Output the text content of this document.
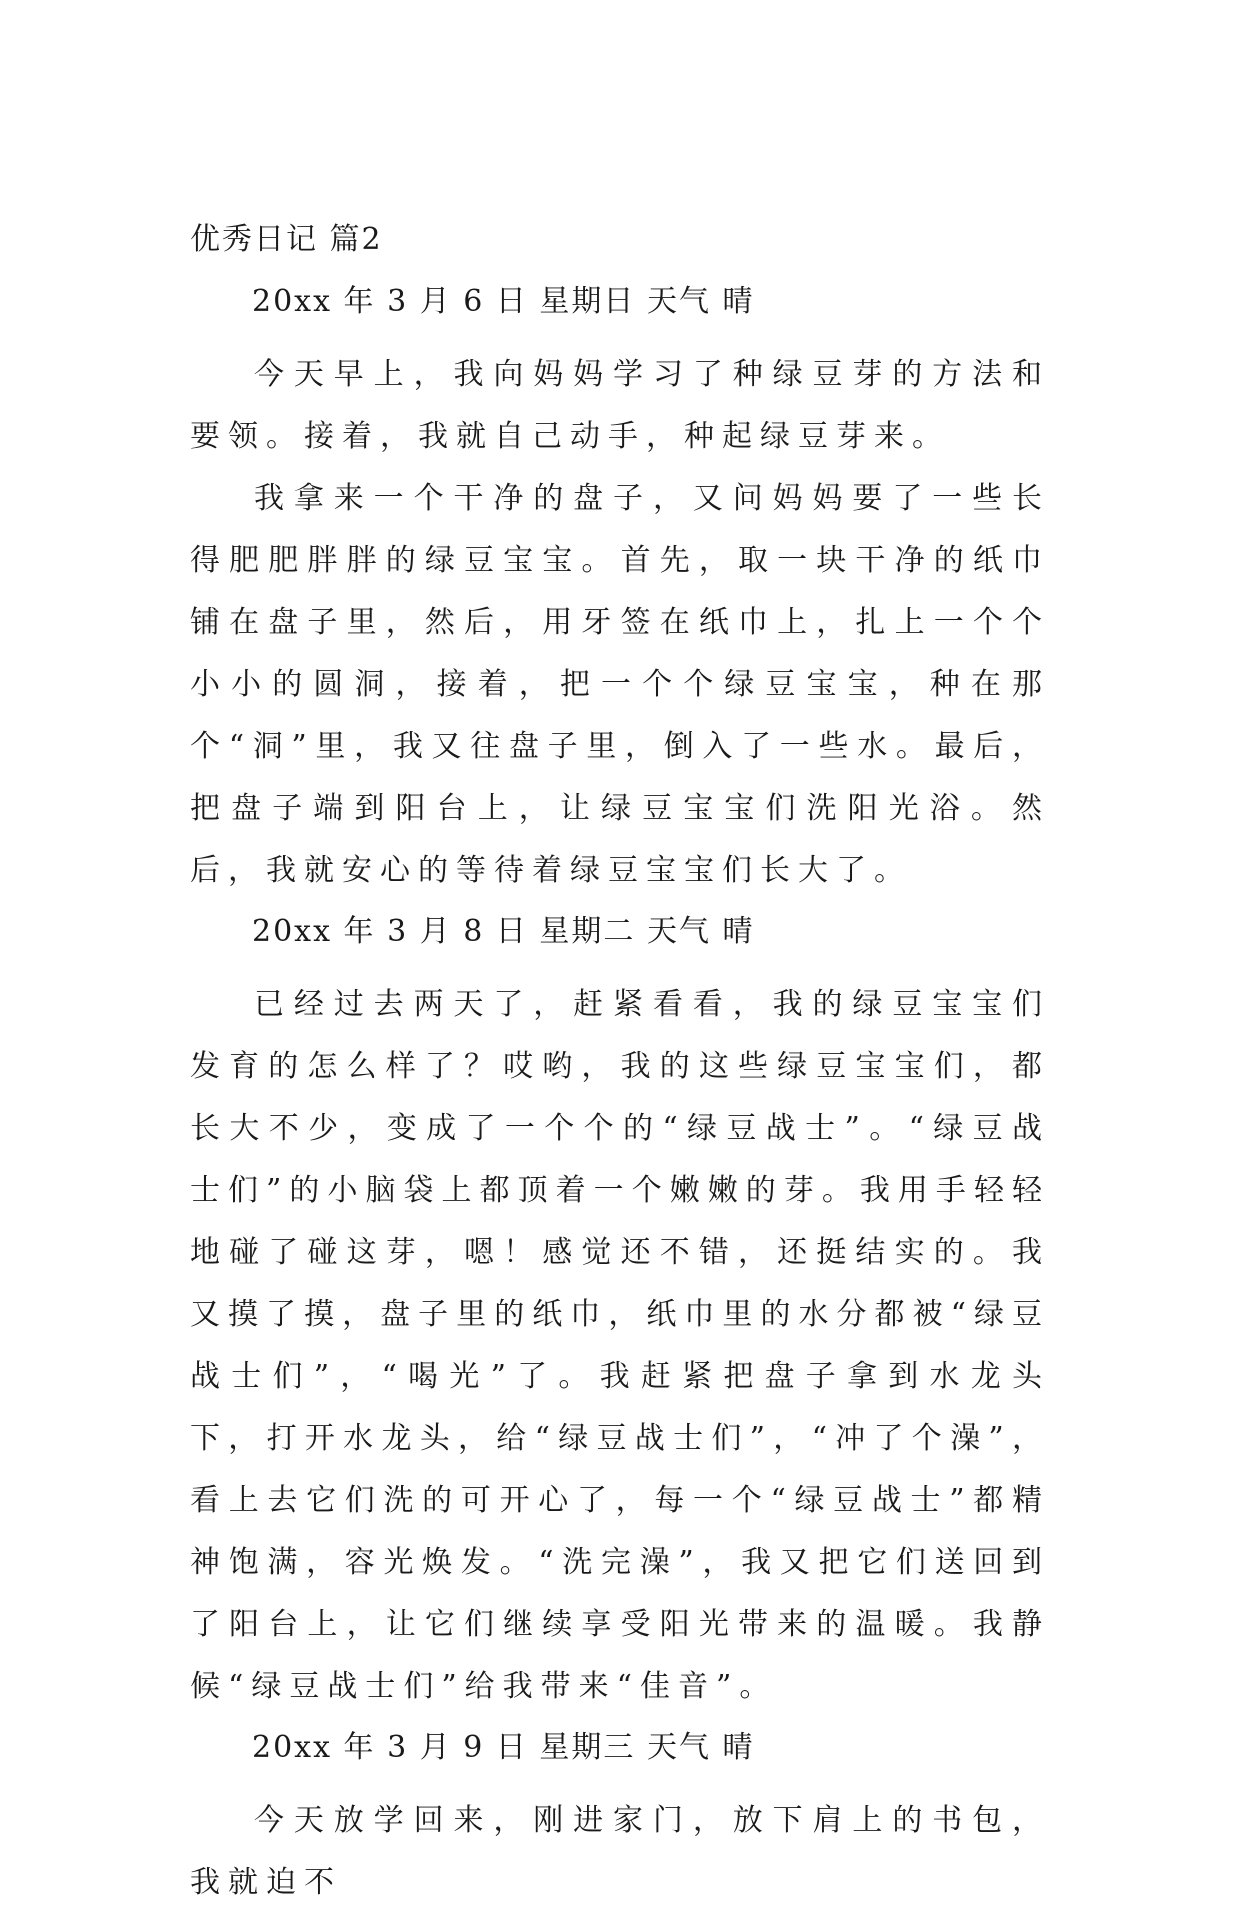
优秀日记 篇2
20xx 年 3 月 6 日 星期日 天气 晴

今天早上，我向妈妈学习了种绿豆芽的方法和要领。接着，我就自己动手，种起绿豆芽来。

我拿来一个干净的盘子，又问妈妈要了一些长得肥肥胖胖的绿豆宝宝。首先，取一块干净的纸巾铺在盘子里，然后，用牙签在纸巾上，扎上一个个小小的圆洞，接着，把一个个绿豆宝宝，种在那个“洞”里，我又往盘子里，倒入了一些水。最后，把盘子端到阳台上，让绿豆宝宝们洗阳光浴。然后，我就安心的等待着绿豆宝宝们长大了。

20xx 年 3 月 8 日 星期二 天气 晴

已经过去两天了，赶紧看看，我的绿豆宝宝们发育的怎么样了？哎哟，我的这些绿豆宝宝们，都长大不少，变成了一个个的“绿豆战士”。“绿豆战士们”的小脑袋上都顶着一个嫩嫩的芽。我用手轻轻地碰了碰这芽，嗯！感觉还不错，还挺结实的。我又摸了摸，盘子里的纸巾，纸巾里的水分都被“绿豆战士们”，“喝光”了。我赶紧把盘子拿到水龙头下，打开水龙头，给“绿豆战士们”，“冲了个澡”，看上去它们洗的可开心了，每一个“绿豆战士”都精神饱满，容光焕发。“洗完澡”，我又把它们送回到了阳台上，让它们继续享受阳光带来的温暖。我静候“绿豆战士们”给我带来“佳音”。

20xx 年 3 月 9 日 星期三 天气 晴

今天放学回来，刚进家门，放下肩上的书包，我就迫不
